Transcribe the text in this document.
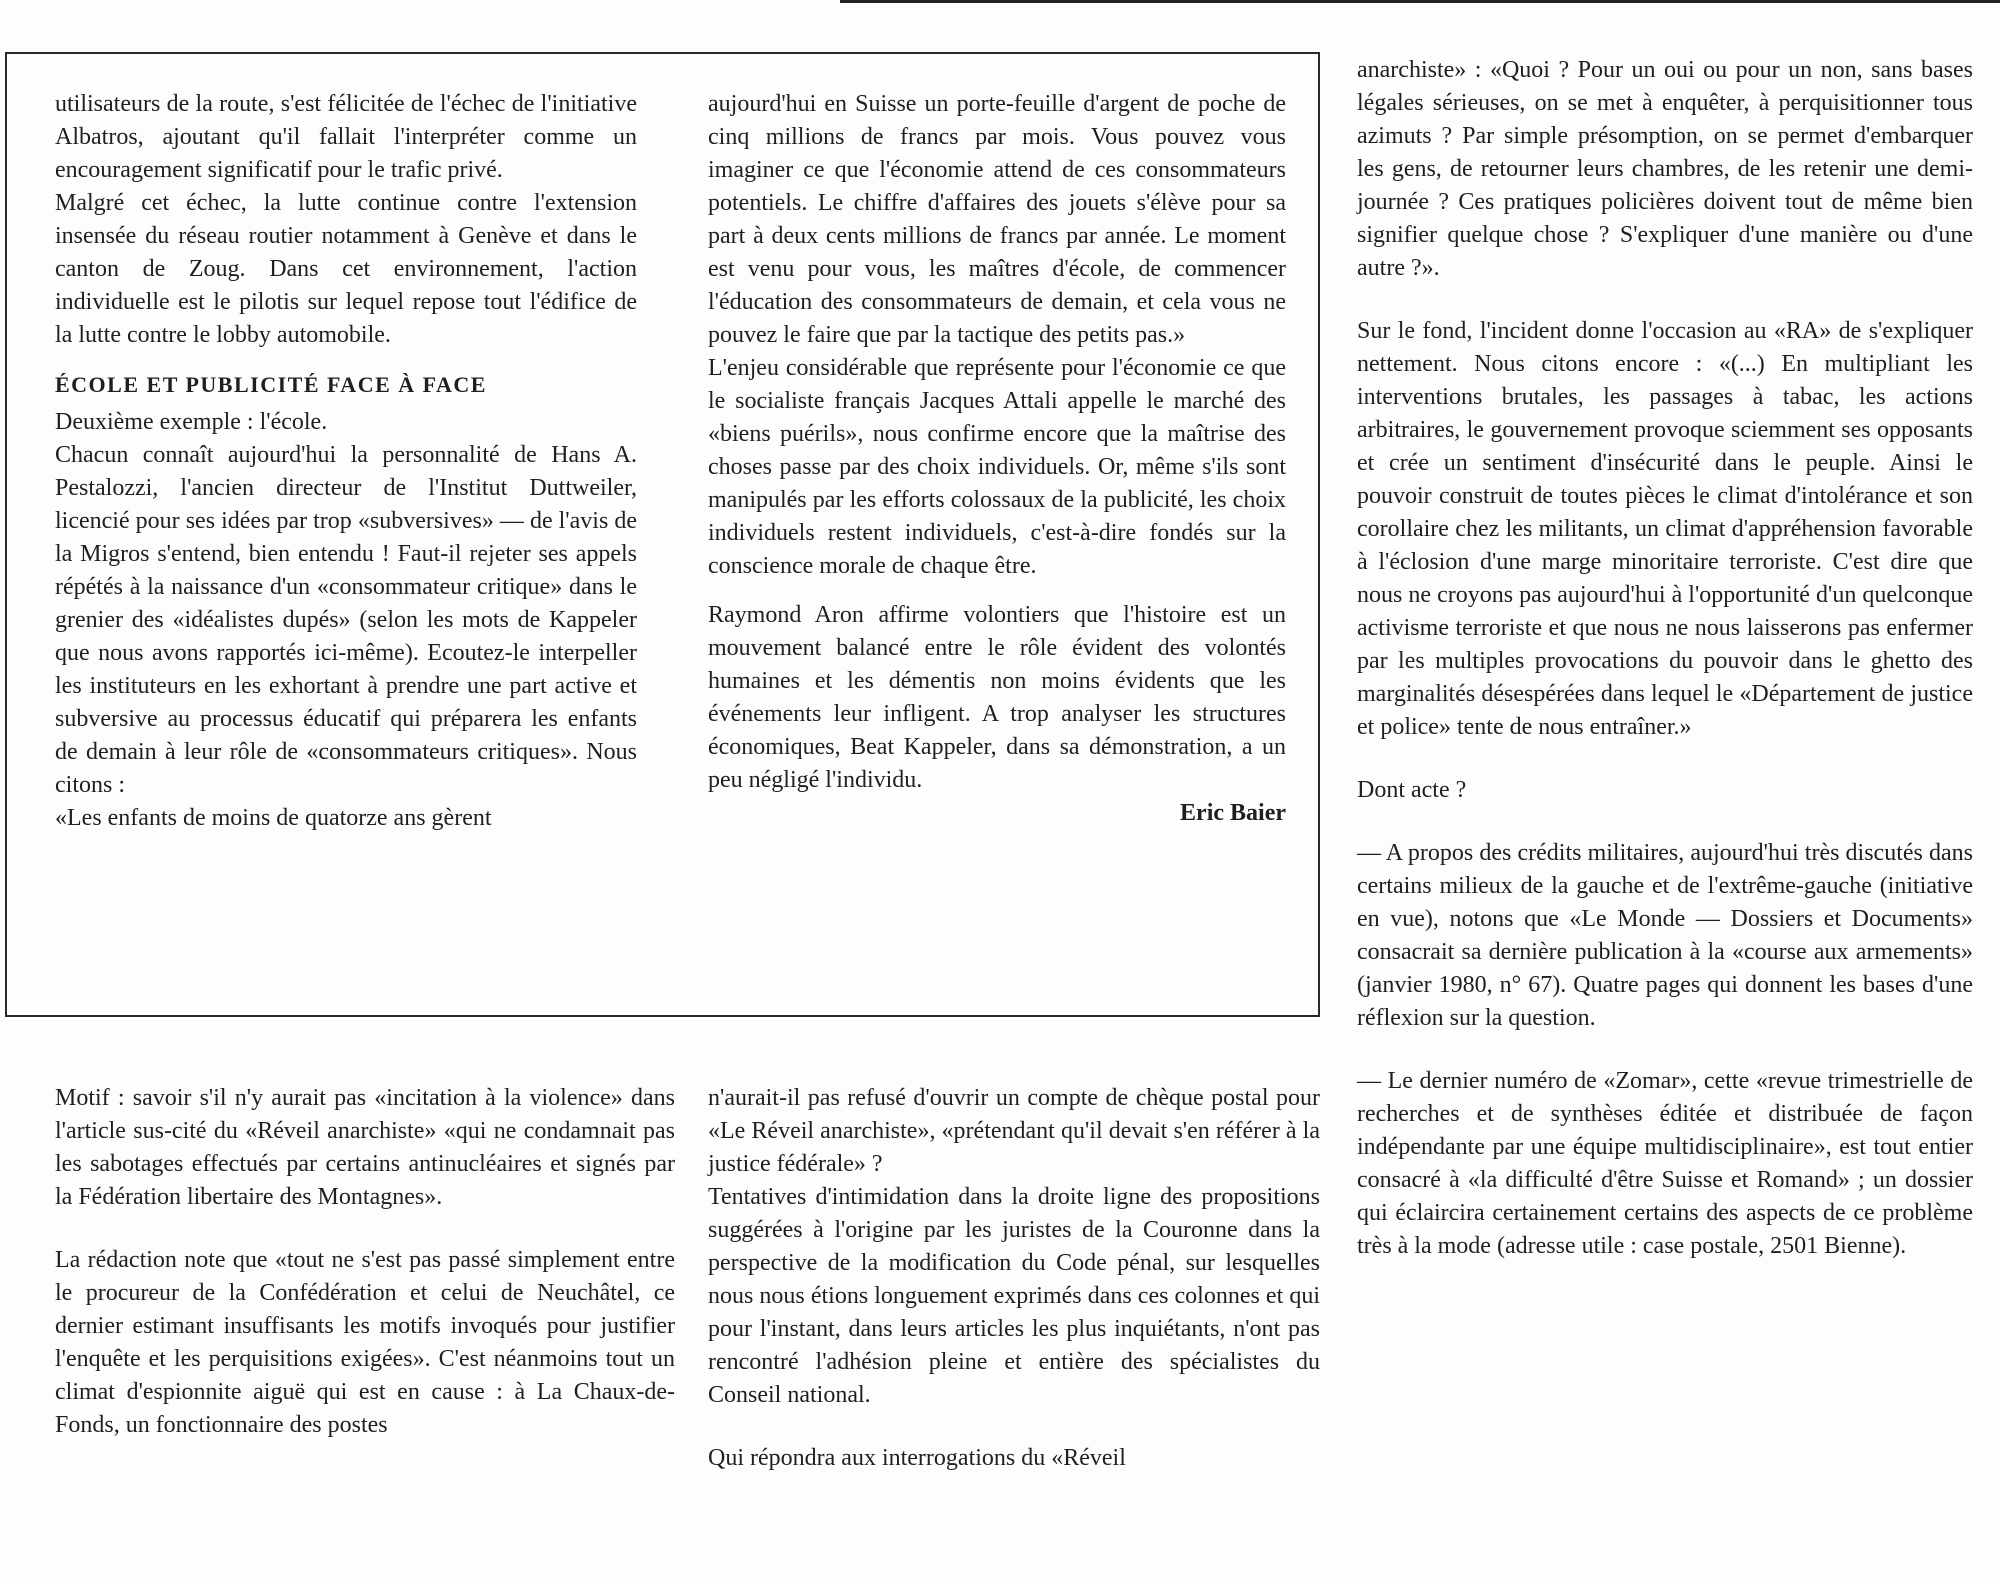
utilisateurs de la route, s'est félicitée de l'échec de l'initiative Albatros, ajoutant qu'il fallait l'interpréter comme un encouragement significatif pour le trafic privé.

Malgré cet échec, la lutte continue contre l'extension insensée du réseau routier notamment à Genève et dans le canton de Zoug. Dans cet environnement, l'action individuelle est le pilotis sur lequel repose tout l'édifice de la lutte contre le lobby automobile.

ÉCOLE ET PUBLICITÉ FACE À FACE

Deuxième exemple : l'école.

Chacun connaît aujourd'hui la personnalité de Hans A. Pestalozzi, l'ancien directeur de l'Institut Duttweiler, licencié pour ses idées par trop «subversives» — de l'avis de la Migros s'entend, bien entendu ! Faut-il rejeter ses appels répétés à la naissance d'un «consommateur critique» dans le grenier des «idéalistes dupés» (selon les mots de Kappeler que nous avons rapportés ici-même). Ecoutez-le interpeller les instituteurs en les exhortant à prendre une part active et subversive au processus éducatif qui préparera les enfants de demain à leur rôle de «consommateurs critiques». Nous citons :

«Les enfants de moins de quatorze ans gèrent

aujourd'hui en Suisse un porte-feuille d'argent de poche de cinq millions de francs par mois. Vous pouvez vous imaginer ce que l'économie attend de ces consommateurs potentiels. Le chiffre d'affaires des jouets s'élève pour sa part à deux cents millions de francs par année. Le moment est venu pour vous, les maîtres d'école, de commencer l'éducation des consommateurs de demain, et cela vous ne pouvez le faire que par la tactique des petits pas.»

L'enjeu considérable que représente pour l'économie ce que le socialiste français Jacques Attali appelle le marché des «biens puérils», nous confirme encore que la maîtrise des choses passe par des choix individuels. Or, même s'ils sont manipulés par les efforts colossaux de la publicité, les choix individuels restent individuels, c'est-à-dire fondés sur la conscience morale de chaque être.

Raymond Aron affirme volontiers que l'histoire est un mouvement balancé entre le rôle évident des volontés humaines et les démentis non moins évidents que les événements leur infligent. A trop analyser les structures économiques, Beat Kappeler, dans sa démonstration, a un peu négligé l'individu.

Eric Baier

anarchiste» : «Quoi ? Pour un oui ou pour un non, sans bases légales sérieuses, on se met à enquêter, à perquisitionner tous azimuts ? Par simple présomption, on se permet d'embarquer les gens, de retourner leurs chambres, de les retenir une demi-journée ? Ces pratiques policières doivent tout de même bien signifier quelque chose ? S'expliquer d'une manière ou d'une autre ?».

Sur le fond, l'incident donne l'occasion au «RA» de s'expliquer nettement. Nous citons encore : «(...) En multipliant les interventions brutales, les passages à tabac, les actions arbitraires, le gouvernement provoque sciemment ses opposants et crée un sentiment d'insécurité dans le peuple. Ainsi le pouvoir construit de toutes pièces le climat d'intolérance et son corollaire chez les militants, un climat d'appréhension favorable à l'éclosion d'une marge minoritaire terroriste. C'est dire que nous ne croyons pas aujourd'hui à l'opportunité d'un quelconque activisme terroriste et que nous ne nous laisserons pas enfermer par les multiples provocations du pouvoir dans le ghetto des marginalités désespérées dans lequel le «Département de justice et police» tente de nous entraîner.»

Dont acte ?

— A propos des crédits militaires, aujourd'hui très discutés dans certains milieux de la gauche et de l'extrême-gauche (initiative en vue), notons que «Le Monde — Dossiers et Documents» consacrait sa dernière publication à la «course aux armements» (janvier 1980, n° 67). Quatre pages qui donnent les bases d'une réflexion sur la question.

— Le dernier numéro de «Zomar», cette «revue trimestrielle de recherches et de synthèses éditée et distribuée de façon indépendante par une équipe multidisciplinaire», est tout entier consacré à «la difficulté d'être Suisse et Romand» ; un dossier qui éclaircira certainement certains des aspects de ce problème très à la mode (adresse utile : case postale, 2501 Bienne).

Motif : savoir s'il n'y aurait pas «incitation à la violence» dans l'article sus-cité du «Réveil anarchiste» «qui ne condamnait pas les sabotages effectués par certains antinucléaires et signés par la Fédération libertaire des Montagnes».

La rédaction note que «tout ne s'est pas passé simplement entre le procureur de la Confédération et celui de Neuchâtel, ce dernier estimant insuffisants les motifs invoqués pour justifier l'enquête et les perquisitions exigées». C'est néanmoins tout un climat d'espionnite aiguë qui est en cause : à La Chaux-de-Fonds, un fonctionnaire des postes

n'aurait-il pas refusé d'ouvrir un compte de chèque postal pour «Le Réveil anarchiste», «prétendant qu'il devait s'en référer à la justice fédérale» ?

Tentatives d'intimidation dans la droite ligne des propositions suggérées à l'origine par les juristes de la Couronne dans la perspective de la modification du Code pénal, sur lesquelles nous nous étions longuement exprimés dans ces colonnes et qui pour l'instant, dans leurs articles les plus inquiétants, n'ont pas rencontré l'adhésion pleine et entière des spécialistes du Conseil national.

Qui répondra aux interrogations du «Réveil
